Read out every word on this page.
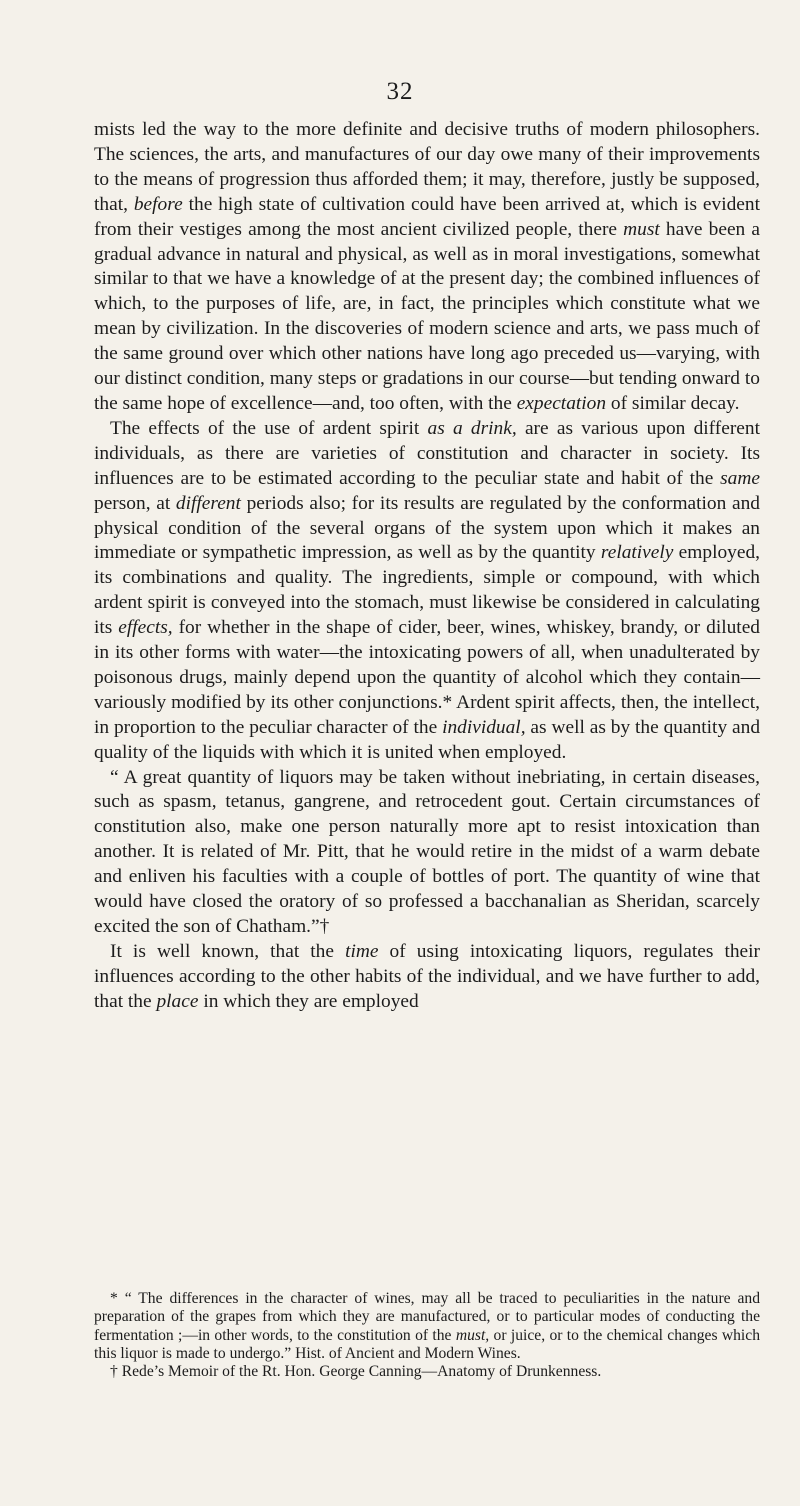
32

mists led the way to the more definite and decisive truths of modern philosophers. The sciences, the arts, and manufactures of our day owe many of their improvements to the means of progression thus afforded them; it may, therefore, justly be supposed, that, before the high state of cultivation could have been arrived at, which is evident from their vestiges among the most ancient civilized people, there must have been a gradual advance in natural and physical, as well as in moral investigations, somewhat similar to that we have a knowledge of at the present day; the combined influences of which, to the purposes of life, are, in fact, the principles which constitute what we mean by civilization. In the discoveries of modern science and arts, we pass much of the same ground over which other nations have long ago preceded us—varying, with our distinct condition, many steps or gradations in our course—but tending onward to the same hope of excellence—and, too often, with the expectation of similar decay.

The effects of the use of ardent spirit as a drink, are as various upon different individuals, as there are varieties of constitution and character in society. Its influences are to be estimated according to the peculiar state and habit of the same person, at different periods also; for its results are regulated by the conformation and physical condition of the several organs of the system upon which it makes an immediate or sympathetic impression, as well as by the quantity relatively employed, its combinations and quality. The ingredients, simple or compound, with which ardent spirit is conveyed into the stomach, must likewise be considered in calculating its effects, for whether in the shape of cider, beer, wines, whiskey, brandy, or diluted in its other forms with water—the intoxicating powers of all, when unadulterated by poisonous drugs, mainly depend upon the quantity of alcohol which they contain—variously modified by its other conjunctions.* Ardent spirit affects, then, the intellect, in proportion to the peculiar character of the individual, as well as by the quantity and quality of the liquids with which it is united when employed.

“ A great quantity of liquors may be taken without inebriating, in certain diseases, such as spasm, tetanus, gangrene, and retrocedent gout. Certain circumstances of constitution also, make one person naturally more apt to resist intoxication than another. It is related of Mr. Pitt, that he would retire in the midst of a warm debate and enliven his faculties with a couple of bottles of port. The quantity of wine that would have closed the oratory of so professed a bacchanalian as Sheridan, scarcely excited the son of Chatham.”†

It is well known, that the time of using intoxicating liquors, regulates their influences according to the other habits of the individual, and we have further to add, that the place in which they are employed

* “ The differences in the character of wines, may all be traced to peculiarities in the nature and preparation of the grapes from which they are manufactured, or to particular modes of conducting the fermentation ;—in other words, to the constitution of the must, or juice, or to the chemical changes which this liquor is made to undergo.” Hist. of Ancient and Modern Wines.

† Rede’s Memoir of the Rt. Hon. George Canning—Anatomy of Drunkenness.
